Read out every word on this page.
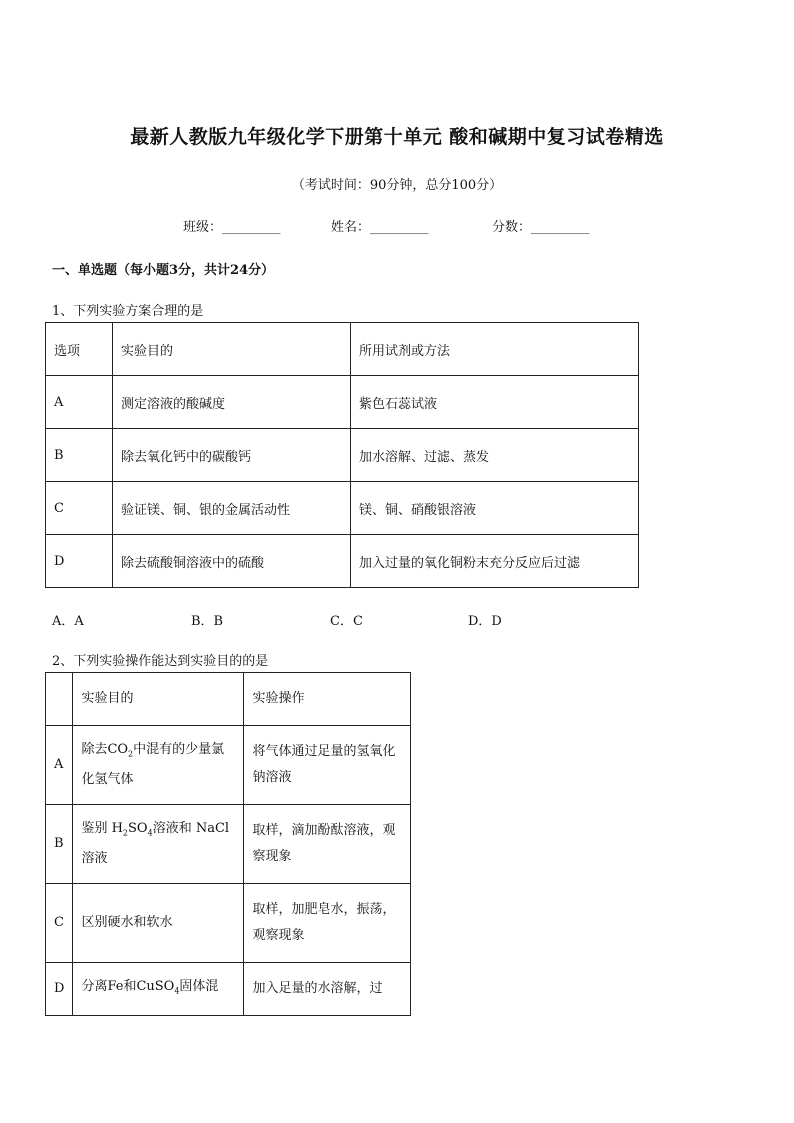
最新人教版九年级化学下册第十单元 酸和碱期中复习试卷精选
（考试时间：90分钟，总分100分）
班级：_________	姓名：_________	分数：_________
一、单选题（每小题3分，共计24分）
1、下列实验方案合理的是
选项	实验目的	所用试剂或方法
A	测定溶液的酸碱度	紫色石蕊试液
B	除去氧化钙中的碳酸钙	加水溶解、过滤、蒸发
C	验证镁、铜、银的金属活动性	镁、铜、硝酸银溶液
D	除去硫酸铜溶液中的硫酸	加入过量的氧化铜粉末充分反应后过滤
A．A	B．B	C．C	D．D
2、下列实验操作能达到实验目的的是
	实验目的	实验操作
A	除去$CO_2$中混有的少量氯化氢气体	将气体通过足量的氢氧化钠溶液
B	鉴别 $H_2SO_4$溶液和 NaCl溶液	取样，滴加酚酞溶液，观察现象
C	区别硬水和软水	取样，加肥皂水，振荡，观察现象
D	分离Fe和CuSO$_4$固体混	加入足量的水溶解，过
